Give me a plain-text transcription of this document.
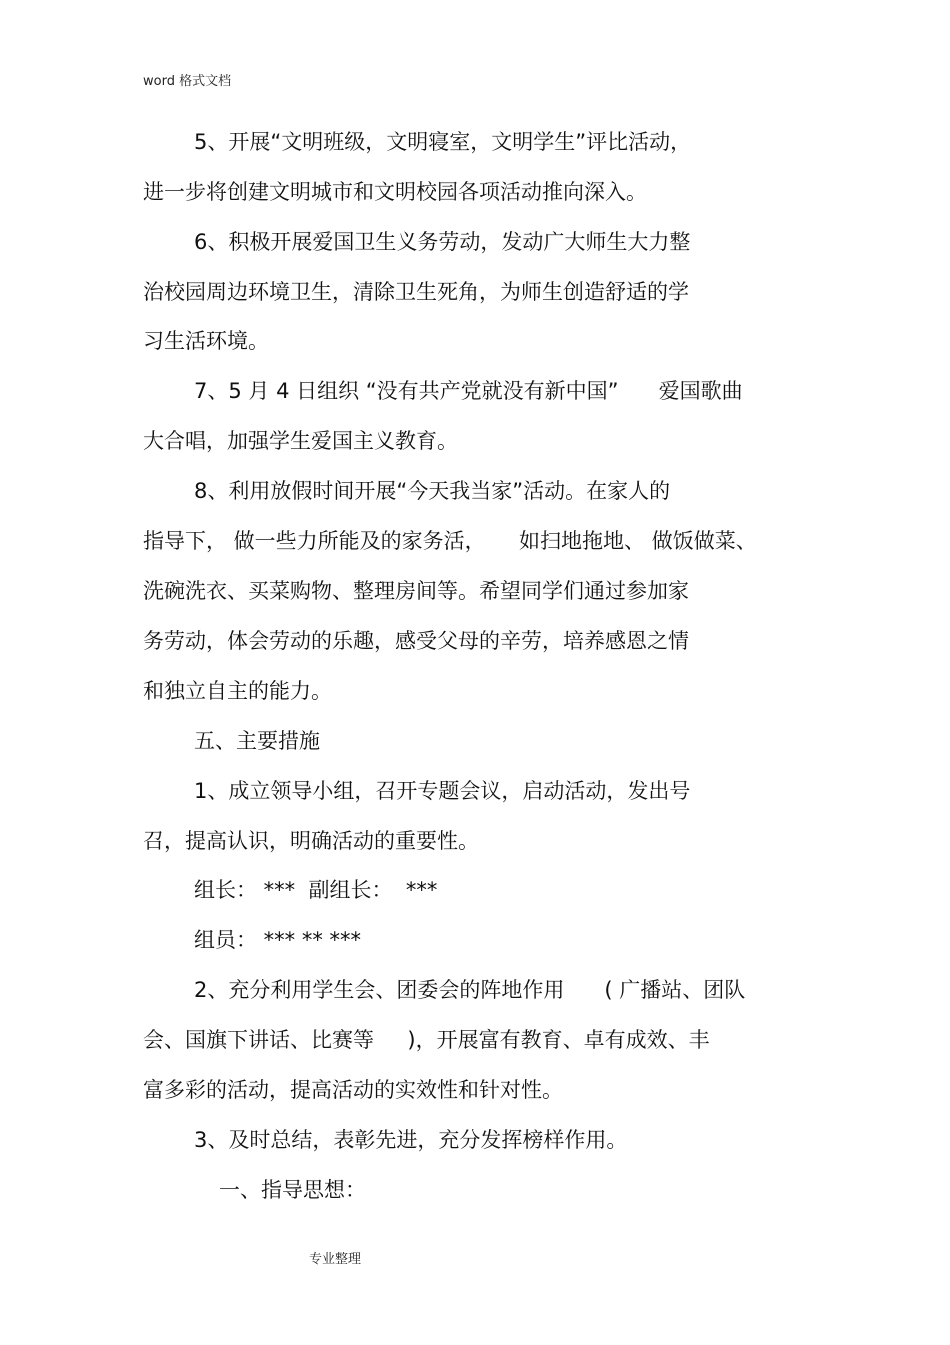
word 格式文档
5、开展“文明班级，文明寝室，文明学生”评比活动，
进一步将创建文明城市和文明校园各项活动推向深入。
6、积极开展爱国卫生义务劳动，发动广大师生大力整
治校园周边环境卫生，清除卫生死角，为师生创造舒适的学
习生活环境。
7、5 月 4 日组织 “没有共产党就没有新中国”      爱国歌曲
大合唱，加强学生爱国主义教育。
8、利用放假时间开展“今天我当家”活动。在家人的
指导下， 做一些力所能及的家务活，     如扫地拖地、 做饭做菜、
洗碗洗衣、买菜购物、整理房间等。希望同学们通过参加家
务劳动，体会劳动的乐趣，感受父母的辛劳，培养感恩之情
和独立自主的能力。
五、主要措施
1、成立领导小组，召开专题会议，启动活动，发出号
召，提高认识，明确活动的重要性。
组长： ***  副组长：  ***
组员： *** ** ***
2、充分利用学生会、团委会的阵地作用      ( 广播站、团队
会、国旗下讲话、比赛等     )，开展富有教育、卓有成效、丰
富多彩的活动，提高活动的实效性和针对性。
3、及时总结，表彰先进，充分发挥榜样作用。
一、指导思想：
专业整理
